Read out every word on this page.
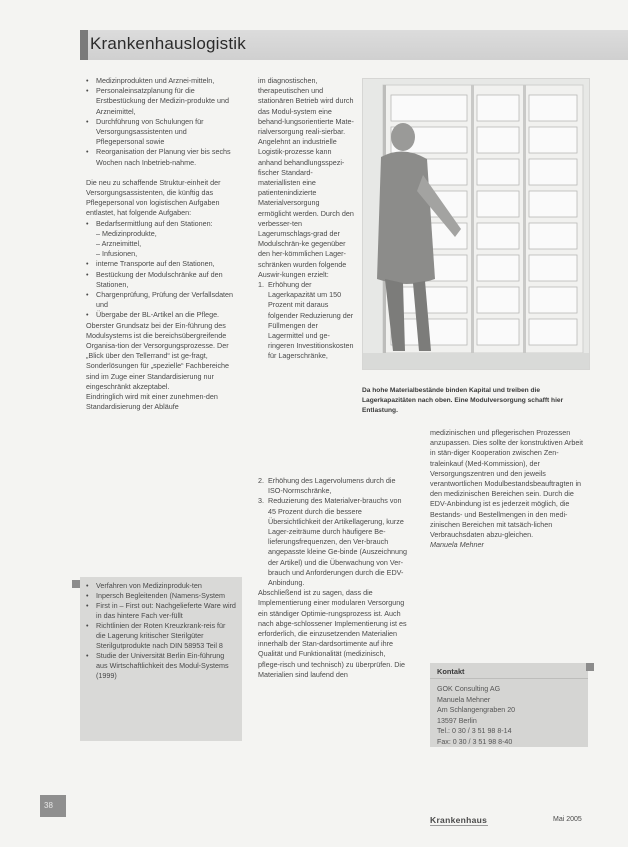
Krankenhauslogistik
• Medizinprodukten und Arznei-mitteln,
• Personaleinsatzplanung für die Erstbestückung der Medizin-produkte und Arzneimittel,
• Durchführung von Schulungen für Versorgungsassistenten und Pflegepersonal sowie
• Reorganisation der Planung vier bis sechs Wochen nach Inbetrieb-nahme.

Die neu zu schaffende Struktur-einheit der Versorgungsassistenten, die künftig das Pflegepersonal von logistischen Aufgaben entlastet, hat folgende Aufgaben:

• Bedarfsermittlung auf den Stationen:
– Medizinprodukte,
– Arzneimittel,
– Infusionen,
• interne Transporte auf den Stationen,
• Bestückung der Modulschränke auf den Stationen,
• Chargenprüfung, Prüfung der Verfallsdaten und
• Übergabe der BL-Artikel an die Pflege.

Oberster Grundsatz bei der Ein-führung des Modulsystems ist die bereichsübergreifende Organisa-tion der Versorgungsprozesse. Der „Blick über den Tellerrand“ ist ge-fragt, Sonderlösungen für „spezielle“ Fachbereiche sind im Zuge einer Standardisierung nur eingeschränkt akzeptabel.

Eindringlich wird mit einer zunehmen-den Standardisierung der Abläufe

• Verfahren von Medizinproduk-ten
• Inpersch Begleitenden (Namens-System
• First in – First out: Nachgelieferte Ware wird in das hintere Fach ver-füllt
• Richtlinien der Roten Kreuzkrank-reis für die Lagerung kritischer Sterilgüter Sterilgutprodukte nach DIN 58953 Teil 8
• Studie der Universität Berlin Ein-führung aus Wirtschaftlichkeit des Modul-Systems (1999)

im diagnostischen, therapeutischen und stationären Betrieb wird durch das Modul-system eine behand-lungsorientierte Mate-rialversorgung reali-sierbar. Angelehnt an industrielle Logistik-prozesse kann anhand behandlungsspezi-fischer Standard-materiallisten eine patientenindizierte Materialversorgung ermöglicht werden. Durch den verbesser-ten Lagerumschlags-grad der Modulschrän-ke gegenüber den her-kömmlichen Lager-schränken wurden folgende Auswir-kungen erzielt:

1. Erhöhung der Lagerkapazität um 150 Prozent mit daraus folgender Reduzierung der Füllmengen der Lagermittel und ge-ringeren Investitionskosten für Lagerschränke,
2. Erhöhung des Lagervolumens durch die ISO-Normschränke,
3. Reduzierung des Materialver-brauchs von 45 Prozent durch die bessere Übersichtlichkeit der Artikellagerung, kurze Lager-zeiträume durch häufigere Be-lieferungsfrequenzen, den Ver-brauch angepasste kleine Ge-binde (Auszeichnung der Artikel) und die Überwachung von Ver-brauch und Anforderungen durch die EDV-Anbindung.

Abschließend ist zu sagen, dass die Implementierung einer modularen Versorgung ein ständiger Optimie-rungsprozess ist. Auch nach abge-schlossener Implementierung ist es erforderlich, die einzusetzenden Materialien innerhalb der Stan-dardsortimente auf ihre Qualität und Funktionalität (medizinisch, pflege-risch und technisch) zu überprüfen. Die Materialien sind laufend den

Da hohe Materialbestände binden Kapital und treiben die Lagerkapazitäten nach oben. Eine Modulversorgung schafft hier Entlastung.

medizinischen und pflegerischen Prozessen anzupassen. Dies sollte der konstruktiven Arbeit in stän-diger Kooperation zwischen Zen-traleinkauf (Med-Kommission), der Versorgungszentren und den jeweils verantwortlichen Modulbestandsbeauftragten in den medizinischen Bereichen sein. Durch die EDV-Anbindung ist es jederzeit möglich, die Bestands- und Bestellmengen in den medi-zinischen Bereichen mit tatsäch-lichen Verbrauchsdaten abzu-gleichen.

Manuela Mehner

Kontakt
GOK Consulting AG
Manuela Mehner
Am Schlangengraben 20
13597 Berlin
Tel.: 0 30 / 3 51 98 8-14
Fax: 0 30 / 3 51 98 8-40
38
Krankenhaus	Mai 2005
